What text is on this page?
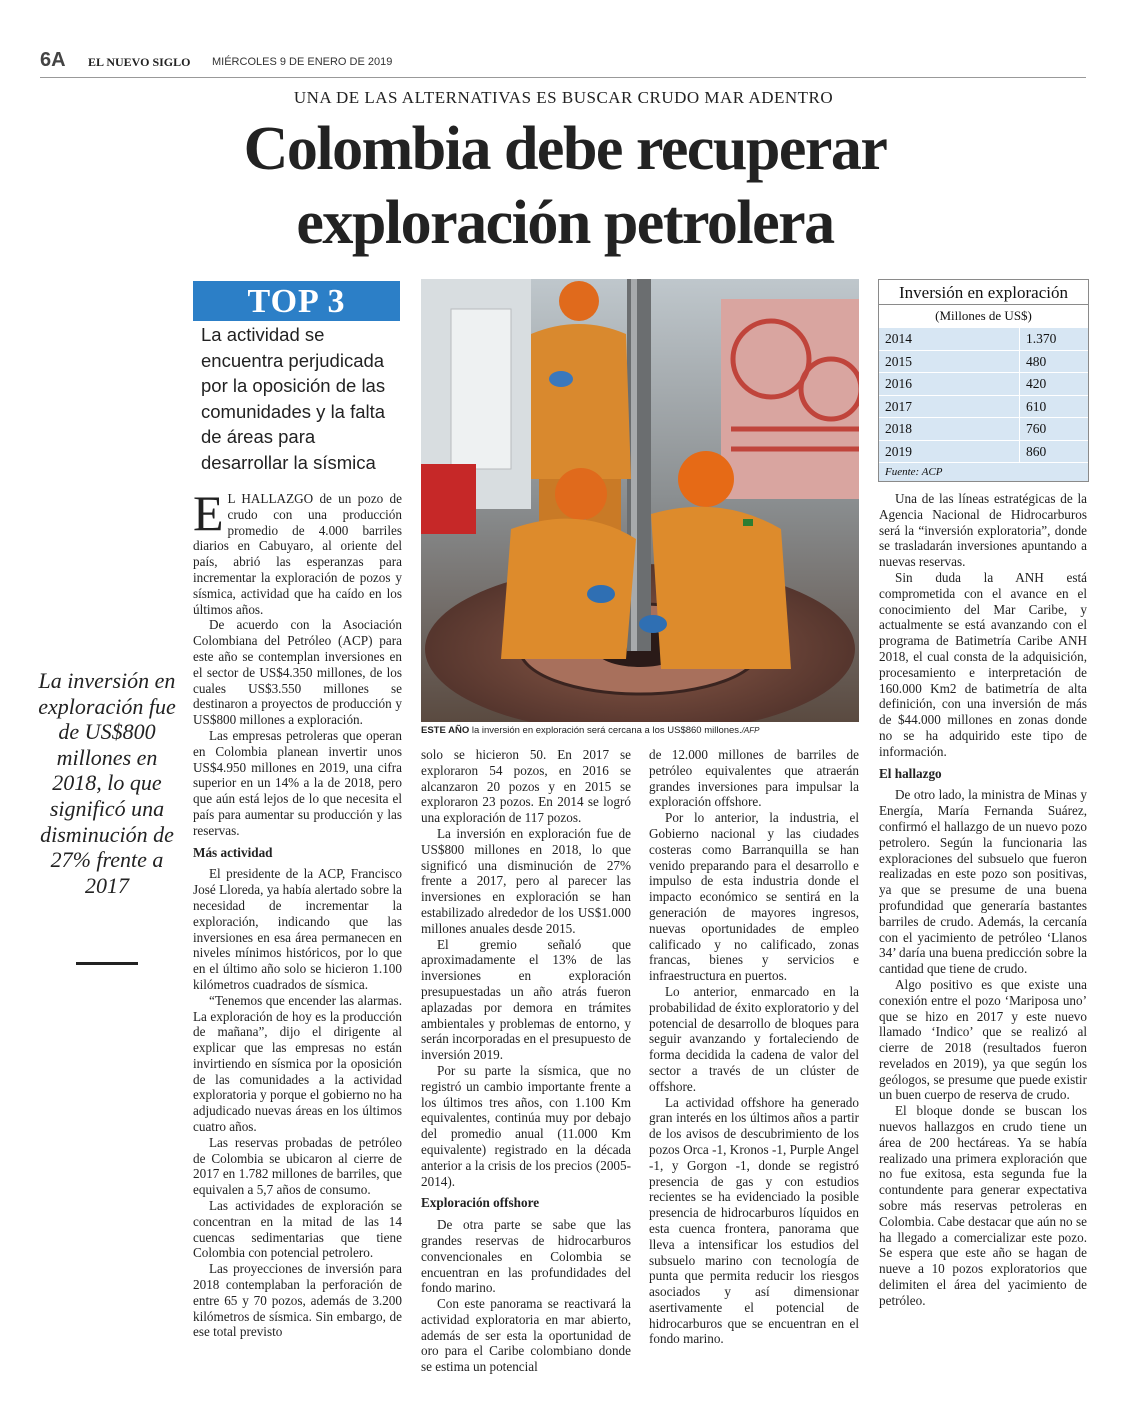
6A EL NUEVO SIGLO MIÉRCOLES 9 DE ENERO DE 2019
UNA DE LAS ALTERNATIVAS ES BUSCAR CRUDO MAR ADENTRO
Colombia debe recuperar exploración petrolera
TOP 3
La actividad se encuentra perjudicada por la oposición de las comunidades y la falta de áreas para desarrollar la sísmica
La inversión en exploración fue de US$800 millones en 2018, lo que significó una disminución de 27% frente a 2017
ESTE AÑO la inversión en exploración será cercana a los US$860 millones./AFP
Inversión en exploración
(Millones de US$)
2014	1.370
2015	480
2016	420
2017	610
2018	760
2019	860
Fuente: ACP

E L HALLAZGO de un pozo de crudo con una producción promedio de 4.000 barriles diarios en Cabuyaro, al oriente del país, abrió las esperanzas para incrementar la exploración de pozos y sísmica, actividad que ha caído en los últimos años.

De acuerdo con la Asociación Colombiana del Petróleo (ACP) para este año se contemplan inversiones en el sector de US$4.350 millones, de los cuales US$3.550 millones se destinaron a proyectos de producción y US$800 millones a exploración.

Las empresas petroleras que operan en Colombia planean invertir unos US$4.950 millones en 2019, una cifra superior en un 14% a la de 2018, pero que aún está lejos de lo que necesita el país para aumentar su producción y las reservas.

Más actividad

El presidente de la ACP, Francisco José Lloreda, ya había alertado sobre la necesidad de incrementar la exploración, indicando que las inversiones en esa área permanecen en niveles mínimos históricos, por lo que en el último año solo se hicieron 1.100 kilómetros cuadrados de sísmica.

“Tenemos que encender las alarmas. La exploración de hoy es la producción de mañana”, dijo el dirigente al explicar que las empresas no están invirtiendo en sísmica por la oposición de las comunidades a la actividad exploratoria y porque el gobierno no ha adjudicado nuevas áreas en los últimos cuatro años.

Las reservas probadas de petróleo de Colombia se ubicaron al cierre de 2017 en 1.782 millones de barriles, que equivalen a 5,7 años de consumo.

Las actividades de exploración se concentran en la mitad de las 14 cuencas sedimentarias que tiene Colombia con potencial petrolero.

Las proyecciones de inversión para 2018 contemplaban la perforación de entre 65 y 70 pozos, además de 3.200 kilómetros de sísmica. Sin embargo, de ese total previsto

solo se hicieron 50. En 2017 se exploraron 54 pozos, en 2016 se alcanzaron 20 pozos y en 2015 se exploraron 23 pozos. En 2014 se logró una exploración de 117 pozos.

La inversión en exploración fue de US$800 millones en 2018, lo que significó una disminución de 27% frente a 2017, pero al parecer las inversiones en exploración se han estabilizado alrededor de los US$1.000 millones anuales desde 2015.

El gremio señaló que aproximadamente el 13% de las inversiones en exploración presupuestadas un año atrás fueron aplazadas por demora en trámites ambientales y problemas de entorno, y serán incorporadas en el presupuesto de inversión 2019.

Por su parte la sísmica, que no registró un cambio importante frente a los últimos tres años, con 1.100 Km equivalentes, continúa muy por debajo del promedio anual (11.000 Km equivalente) registrado en la década anterior a la crisis de los precios (2005-2014).

Exploración offshore

De otra parte se sabe que las grandes reservas de hidrocarburos convencionales en Colombia se encuentran en las profundidades del fondo marino.

Con este panorama se reactivará la actividad exploratoria en mar abierto, además de ser esta la oportunidad de oro para el Caribe colombiano donde se estima un potencial

de 12.000 millones de barriles de petróleo equivalentes que atraerán grandes inversiones para impulsar la exploración offshore.

Por lo anterior, la industria, el Gobierno nacional y las ciudades costeras como Barranquilla se han venido preparando para el desarrollo e impulso de esta industria donde el impacto económico se sentirá en la generación de mayores ingresos, nuevas oportunidades de empleo calificado y no calificado, zonas francas, bienes y servicios e infraestructura en puertos.

Lo anterior, enmarcado en la probabilidad de éxito exploratorio y del potencial de desarrollo de bloques para seguir avanzando y fortaleciendo de forma decidida la cadena de valor del sector a través de un clúster de offshore.

La actividad offshore ha generado gran interés en los últimos años a partir de los avisos de descubrimiento de los pozos Orca -1, Kronos -1, Purple Angel -1, y Gorgon -1, donde se registró presencia de gas y con estudios recientes se ha evidenciado la posible presencia de hidrocarburos líquidos en esta cuenca frontera, panorama que lleva a intensificar los estudios del subsuelo marino con tecnología de punta que permita reducir los riesgos asociados y así dimensionar asertivamente el potencial de hidrocarburos que se encuentran en el fondo marino.

Una de las líneas estratégicas de la Agencia Nacional de Hidrocarburos será la “inversión exploratoria”, donde se trasladarán inversiones apuntando a nuevas reservas.

Sin duda la ANH está comprometida con el avance en el conocimiento del Mar Caribe, y actualmente se está avanzando con el programa de Batimetría Caribe ANH 2018, el cual consta de la adquisición, procesamiento e interpretación de 160.000 Km2 de batimetría de alta definición, con una inversión de más de $44.000 millones en zonas donde no se ha adquirido este tipo de información.

El hallazgo

De otro lado, la ministra de Minas y Energía, María Fernanda Suárez, confirmó el hallazgo de un nuevo pozo petrolero. Según la funcionaria las exploraciones del subsuelo que fueron realizadas en este pozo son positivas, ya que se presume de una buena profundidad que generaría bastantes barriles de crudo. Además, la cercanía con el yacimiento de petróleo ‘Llanos 34’ daría una buena predicción sobre la cantidad que tiene de crudo.

Algo positivo es que existe una conexión entre el pozo ‘Mariposa uno’ que se hizo en 2017 y este nuevo llamado ‘Indico’ que se realizó al cierre de 2018 (resultados fueron revelados en 2019), ya que según los geólogos, se presume que puede existir un buen cuerpo de reserva de crudo.

El bloque donde se buscan los nuevos hallazgos en crudo tiene un área de 200 hectáreas. Ya se había realizado una primera exploración que no fue exitosa, esta segunda fue la contundente para generar expectativa sobre más reservas petroleras en Colombia. Cabe destacar que aún no se ha llegado a comercializar este pozo. Se espera que este año se hagan de nueve a 10 pozos exploratorios que delimiten el área del yacimiento de petróleo.
